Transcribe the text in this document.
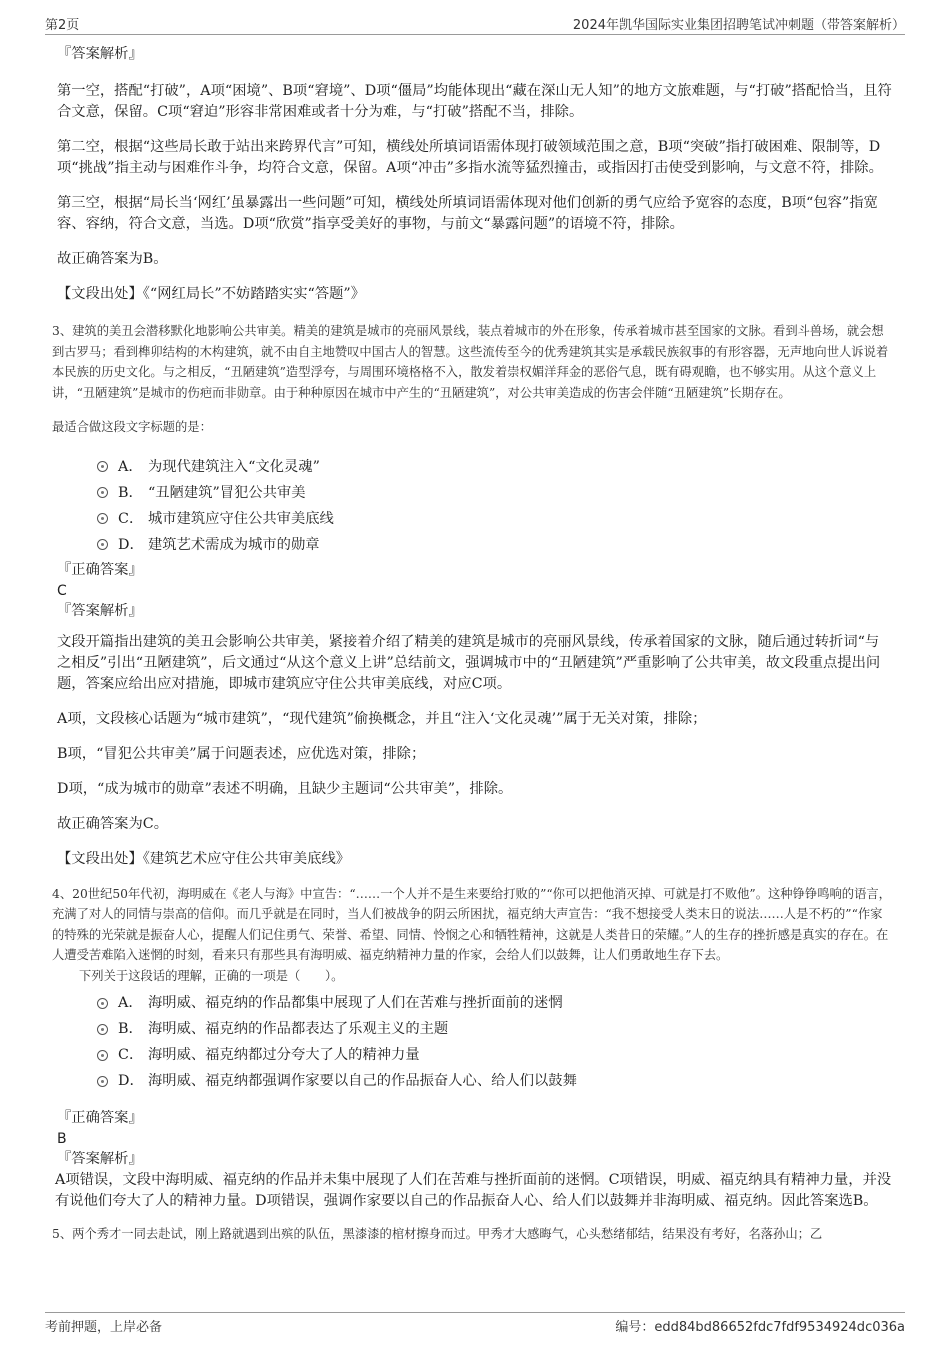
第2页	2024年凯华国际实业集团招聘笔试冲刺题（带答案解析）

『答案解析』

第一空，搭配“打破”，A项“困境”、B项“窘境”、D项“僵局”均能体现出“藏在深山无人知”的地方文旅难题，与“打破”搭配恰当，且符合文意，保留。C项“窘迫”形容非常困难或者十分为难，与“打破”搭配不当，排除。

第二空，根据“这些局长敢于站出来跨界代言”可知，横线处所填词语需体现打破领域范围之意，B项“突破”指打破困难、限制等，D项“挑战”指主动与困难作斗争，均符合文意，保留。A项“冲击”多指水流等猛烈撞击，或指因打击使受到影响，与文意不符，排除。

第三空，根据“局长当‘网红’虽暴露出一些问题”可知，横线处所填词语需体现对他们创新的勇气应给予宽容的态度，B项“包容”指宽容、容纳，符合文意，当选。D项“欣赏”指享受美好的事物，与前文“暴露问题”的语境不符，排除。

故正确答案为B。

【文段出处】《“网红局长”不妨踏踏实实“答题”》

3、建筑的美丑会潜移默化地影响公共审美。精美的建筑是城市的亮丽风景线，装点着城市的外在形象，传承着城市甚至国家的文脉。看到斗兽场，就会想到古罗马；看到榫卯结构的木构建筑，就不由自主地赞叹中国古人的智慧。这些流传至今的优秀建筑其实是承载民族叙事的有形容器，无声地向世人诉说着本民族的历史文化。与之相反，“丑陋建筑”造型浮夸，与周围环境格格不入，散发着崇权媚洋拜金的恶俗气息，既有碍观瞻，也不够实用。从这个意义上讲，“丑陋建筑”是城市的伤疤而非勋章。由于种种原因在城市中产生的“丑陋建筑”，对公共审美造成的伤害会伴随“丑陋建筑”长期存在。

最适合做这段文字标题的是：

A． 为现代建筑注入“文化灵魂”
B． “丑陋建筑”冒犯公共审美
C． 城市建筑应守住公共审美底线
D． 建筑艺术需成为城市的勋章

『正确答案』

C

『答案解析』

文段开篇指出建筑的美丑会影响公共审美，紧接着介绍了精美的建筑是城市的亮丽风景线，传承着国家的文脉，随后通过转折词“与之相反”引出“丑陋建筑”，后文通过“从这个意义上讲”总结前文，强调城市中的“丑陋建筑”严重影响了公共审美，故文段重点提出问题，答案应给出应对措施，即城市建筑应守住公共审美底线，对应C项。

A项，文段核心话题为“城市建筑”，“现代建筑”偷换概念，并且“注入‘文化灵魂’”属于无关对策，排除；

B项，“冒犯公共审美”属于问题表述，应优选对策，排除；

D项，“成为城市的勋章”表述不明确，且缺少主题词“公共审美”，排除。

故正确答案为C。

【文段出处】《建筑艺术应守住公共审美底线》

4、20世纪50年代初，海明威在《老人与海》中宣告：“……一个人并不是生来要给打败的”“你可以把他消灭掉、可就是打不败他”。这种铮铮鸣响的语言，充满了对人的同情与崇高的信仰。而几乎就是在同时，当人们被战争的阴云所困扰，福克纳大声宣告：“我不想接受人类末日的说法……人是不朽的”“作家的特殊的光荣就是振奋人心，提醒人们记住勇气、荣誉、希望、同情、怜悯之心和牺牲精神，这就是人类昔日的荣耀。”人的生存的挫折感是真实的存在。在人遭受苦难陷入迷惘的时刻，看来只有那些具有海明威、福克纳精神力量的作家，会给人们以鼓舞，让人们勇敢地生存下去。

下列关于这段话的理解，正确的一项是（　　）。

A． 海明威、福克纳的作品都集中展现了人们在苦难与挫折面前的迷惘
B． 海明威、福克纳的作品都表达了乐观主义的主题
C． 海明威、福克纳都过分夸大了人的精神力量
D． 海明威、福克纳都强调作家要以自己的作品振奋人心、给人们以鼓舞

『正确答案』

B

『答案解析』

A项错误，文段中海明威、福克纳的作品并未集中展现了人们在苦难与挫折面前的迷惘。C项错误，明威、福克纳具有精神力量，并没有说他们夸大了人的精神力量。D项错误，强调作家要以自己的作品振奋人心、给人们以鼓舞并非海明威、福克纳。因此答案选B。

5、两个秀才一同去赴试，刚上路就遇到出殡的队伍，黑漆漆的棺材擦身而过。甲秀才大感晦气，心头愁绪郁结，结果没有考好，名落孙山；乙

考前押题，上岸必备	编号：edd84bd86652fdc7fdf9534924dc036a
